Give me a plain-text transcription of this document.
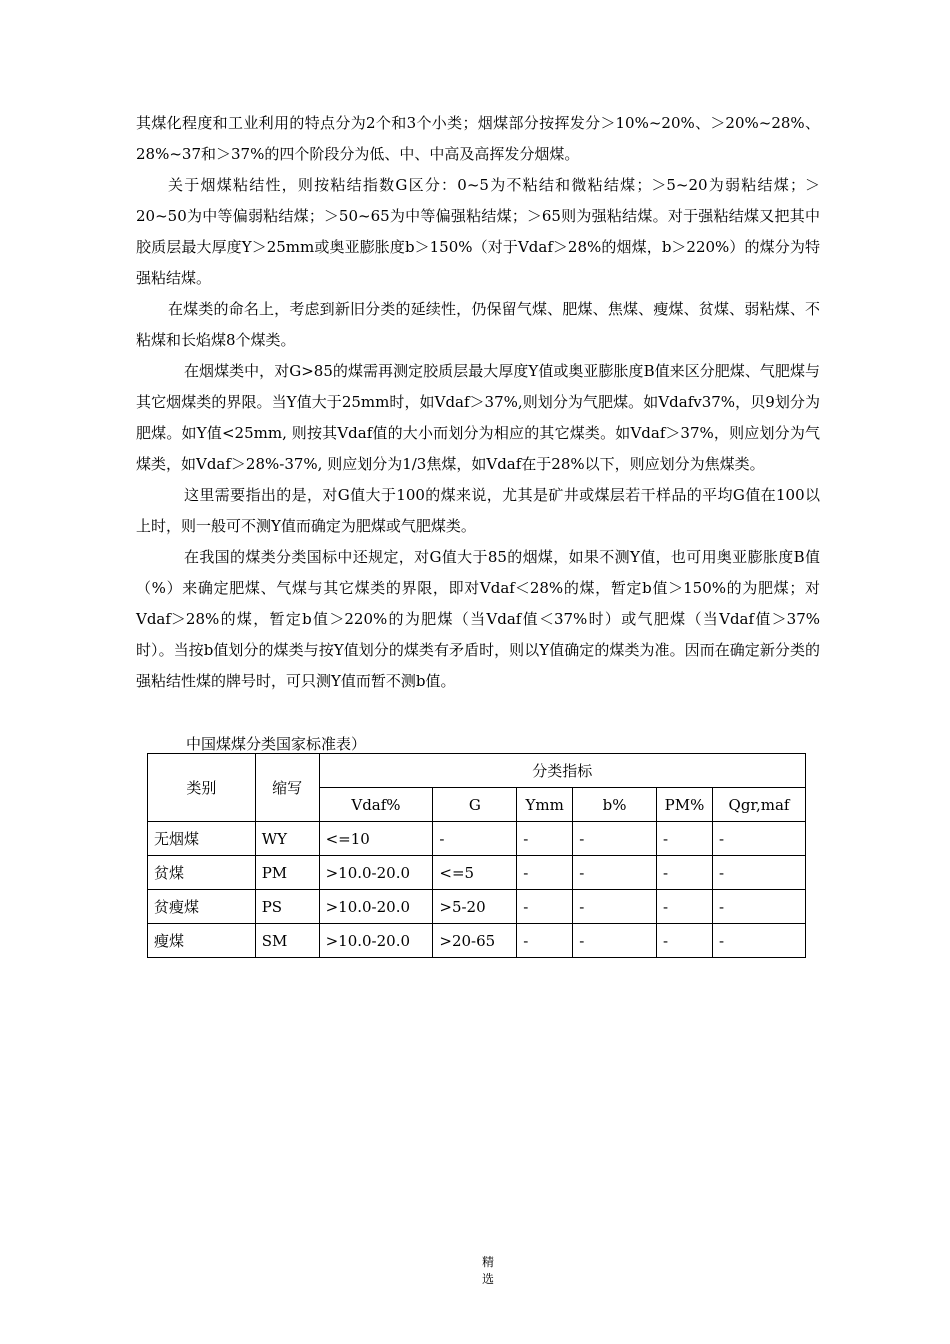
其煤化程度和工业利用的特点分为2个和3个小类；烟煤部分按挥发分＞10%~20%、＞20%~28%、28%~37和＞37%的四个阶段分为低、中、中高及高挥发分烟煤。

关于烟煤粘结性，则按粘结指数G区分：0~5为不粘结和微粘结煤；＞5~20为弱粘结煤；＞20~50为中等偏弱粘结煤；＞50~65为中等偏强粘结煤；＞65则为强粘结煤。对于强粘结煤又把其中胶质层最大厚度Y＞25mm或奥亚膨胀度b＞150%（对于Vdaf＞28%的烟煤，b＞220%）的煤分为特强粘结煤。

在煤类的命名上，考虑到新旧分类的延续性，仍保留气煤、肥煤、焦煤、瘦煤、贫煤、弱粘煤、不粘煤和长焰煤8个煤类。

在烟煤类中，对G>85的煤需再测定胶质层最大厚度Y值或奥亚膨胀度B值来区分肥煤、气肥煤与其它烟煤类的界限。当Y值大于25mm时，如Vdaf＞37%,则划分为气肥煤。如Vdafv37%，贝9划分为肥煤。如Y值<25mm, 则按其Vdaf值的大小而划分为相应的其它煤类。如Vdaf＞37%，则应划分为气煤类，如Vdaf＞28%-37%, 则应划分为1/3焦煤，如Vdaf在于28%以下，则应划分为焦煤类。

这里需要指出的是，对G值大于100的煤来说，尤其是矿井或煤层若干样品的平均G值在100以上时，则一般可不测Y值而确定为肥煤或气肥煤类。

在我国的煤类分类国标中还规定，对G值大于85的烟煤，如果不测Y值，也可用奥亚膨胀度B值（%）来确定肥煤、气煤与其它煤类的界限，即对Vdaf＜28%的煤，暂定b值＞150%的为肥煤；对Vdaf＞28%的煤，暂定b值＞220%的为肥煤（当Vdaf值＜37%时）或气肥煤（当Vdaf值＞37%时）。当按b值划分的煤类与按Y值划分的煤类有矛盾时，则以Y值确定的煤类为准。因而在确定新分类的强粘结性煤的牌号时，可只测Y值而暂不测b值。

中国煤煤分类国家标准表）
类别	缩写	分类指标					
		Vdaf%	G	Ymm	b%	PM%	Qgr,maf
无烟煤	WY	<=10	-	-	-	-	-
贫煤	PM	>10.0-20.0	<=5	-	-	-	-
贫瘦煤	PS	>10.0-20.0	>5-20	-	-	-	-
瘦煤	SM	>10.0-20.0	>20-65	-	-	-	-
精
选
